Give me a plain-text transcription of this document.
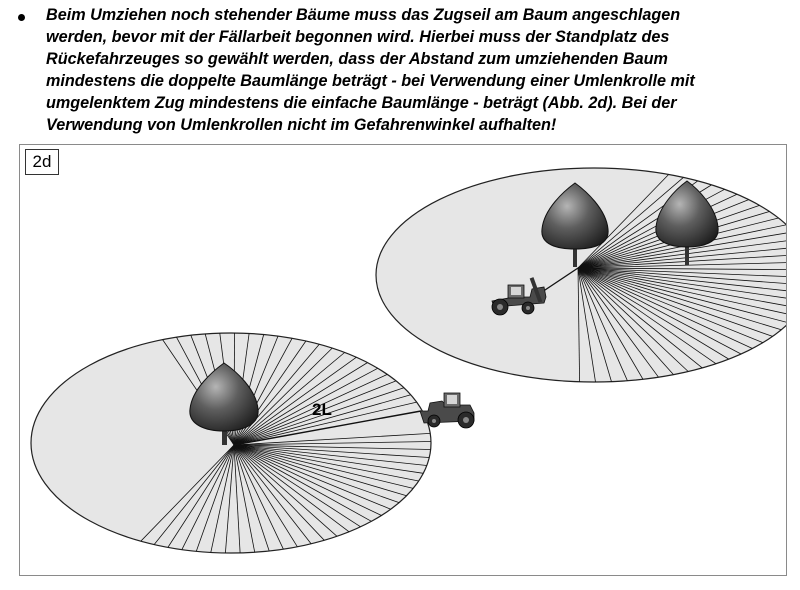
Beim Umziehen noch stehender Bäume muss das Zugseil am Baum angeschlagen
werden, bevor mit der Fällarbeit begonnen wird. Hierbei muss der Standplatz des
Rückefahrzeuges so gewählt werden, dass der Abstand zum umziehenden Baum
mindestens die doppelte Baumlänge beträgt - bei Verwendung einer Umlenkrolle mit
umgelenktem Zug mindestens die einfache Baumlänge - beträgt (Abb. 2d). Bei der
Verwendung von Umlenkrollen nicht im Gefahrenwinkel aufhalten!
2L
2d
